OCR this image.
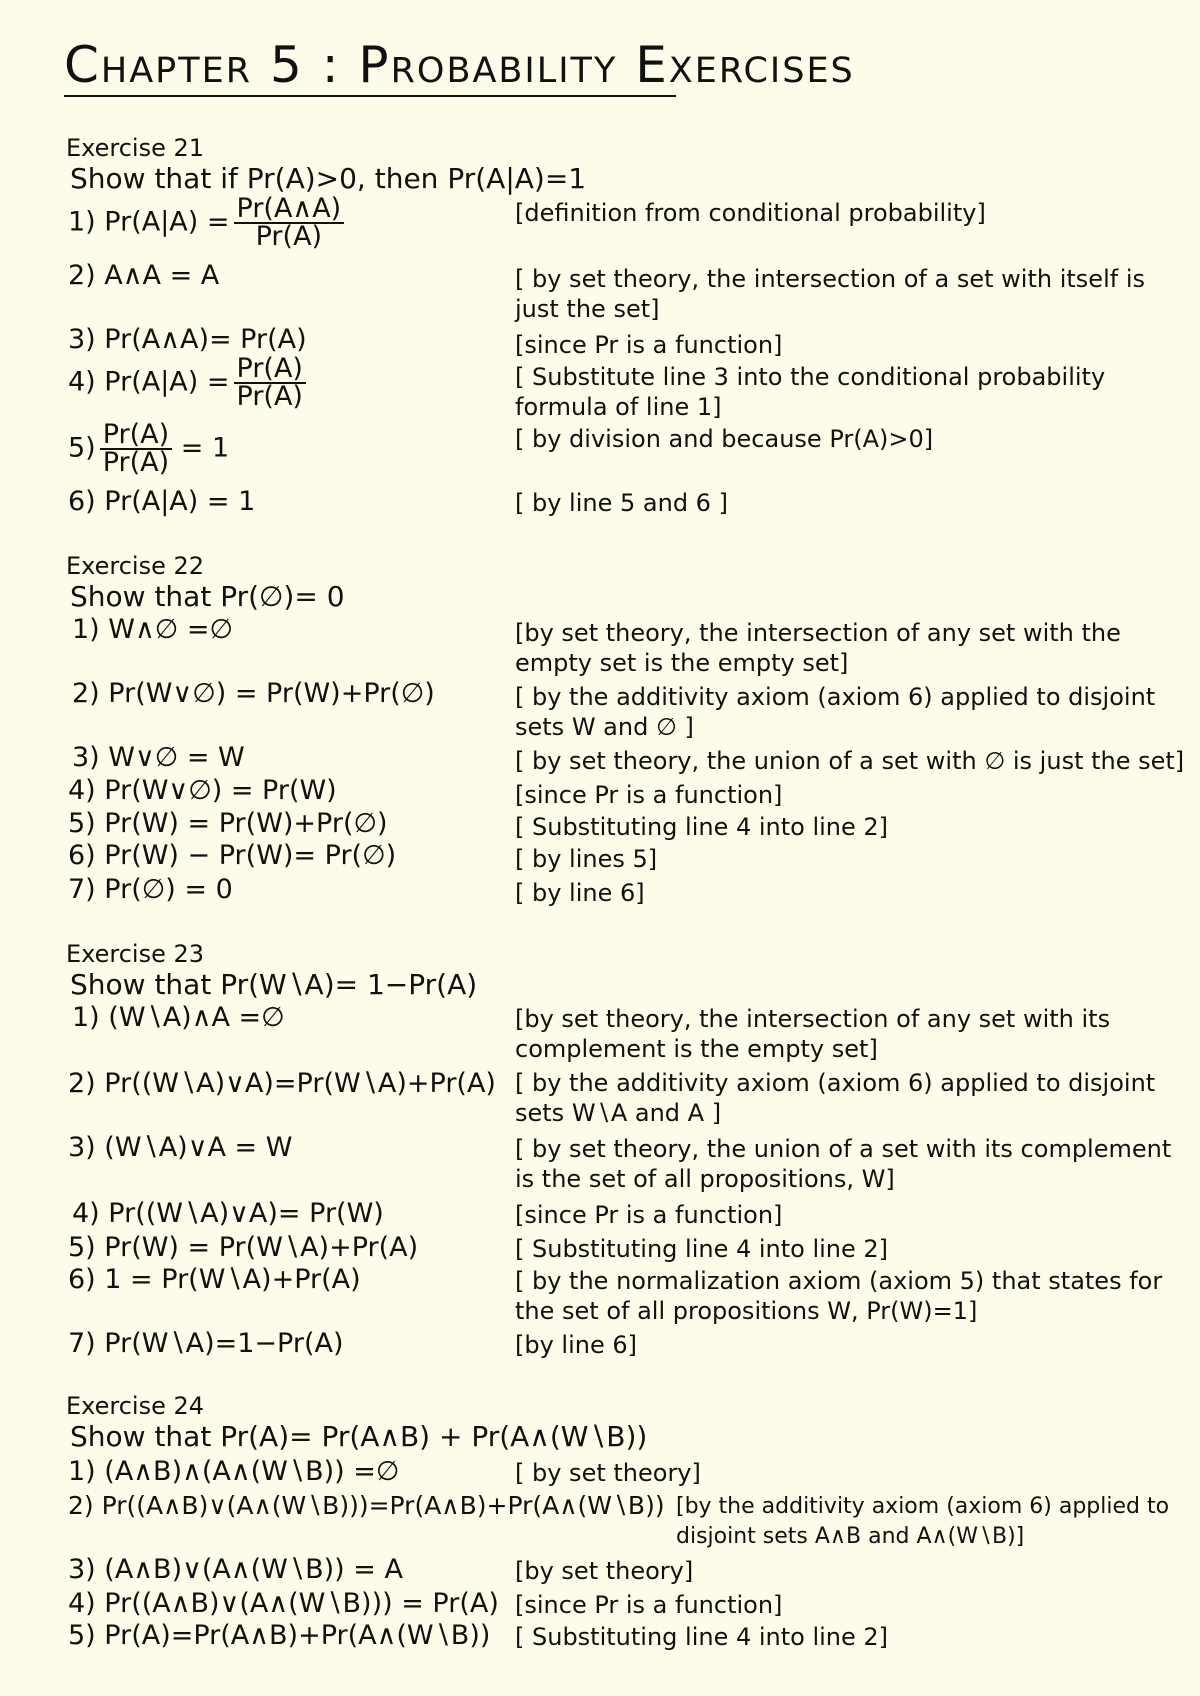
Chapter 5 : Probability Exercises
Exercise 21
Show that if Pr(A)>0, then Pr(A|A)=1
1) $Pr(A|A) = \frac{Pr(A\wedge A)}{Pr(A)}$	[definition from conditional probability]
2) A∧A = A	[ by set theory, the intersection of a set with itself is just the set]
3) Pr(A∧A)= Pr(A)	[since Pr is a function]
4) $Pr(A|A) = \frac{Pr(A)}{Pr(A)}$	[ Substitute line 3 into the conditional probability formula of line 1]
$5) \frac{Pr(A)}{Pr(A)} = 1$	[ by division and because Pr(A)>0]
6) Pr(A|A) = 1	[ by line 5 and 6 ]
Exercise 22
Show that Pr(∅)= 0
1) W∧∅ =∅	[by set theory, the intersection of any set with the empty set is the empty set]
2) Pr(W∨∅) = Pr(W)+Pr(∅)	[ by the additivity axiom (axiom 6) applied to disjoint sets W and ∅ ]
3) W∨∅ = W	[ by set theory, the union of a set with ∅ is just the set]
4) Pr(W∨∅) = Pr(W)	[since Pr is a function]
5) Pr(W) = Pr(W)+Pr(∅)	[ Substituting line 4 into line 2]
6) Pr(W) − Pr(W)= Pr(∅)	[ by lines 5]
7) Pr(∅) = 0	[ by line 6]
Exercise 23
Show that Pr(W∖A)= 1−Pr(A)
1) (W∖A)∧A =∅	[by set theory, the intersection of any set with its complement is the empty set]
2) Pr((W∖A)∨A)=Pr(W∖A)+Pr(A) [ by the additivity axiom (axiom 6) applied to disjoint sets W∖A and A ]
3) (W∖A)∨A = W	[ by set theory, the union of a set with its complement is the set of all propositions, W]
4) Pr((W∖A)∨A)= Pr(W)	[since Pr is a function]
5) Pr(W) = Pr(W∖A)+Pr(A)	[ Substituting line 4 into line 2]
6) 1 = Pr(W∖A)+Pr(A)	[ by the normalization axiom (axiom 5) that states for the set of all propositions W, Pr(W)=1]
7) Pr(W∖A)=1−Pr(A)	[by line 6]
Exercise 24
Show that Pr(A)= Pr(A∧B) + Pr(A∧(W∖B))
1) (A∧B)∧(A∧(W∖B)) =∅	[ by set theory]
2) Pr((A∧B)∨(A∧(W∖B)))=Pr(A∧B)+Pr(A∧(W∖B)) [by the additivity axiom (axiom 6) applied to disjoint sets A∧B and A∧(W∖B)]
3) (A∧B)∨(A∧(W∖B)) = A	[by set theory]
4) Pr((A∧B)∨(A∧(W∖B))) = Pr(A) [since Pr is a function]
5) Pr(A)=Pr(A∧B)+Pr(A∧(W∖B)) [ Substituting line 4 into line 2]
